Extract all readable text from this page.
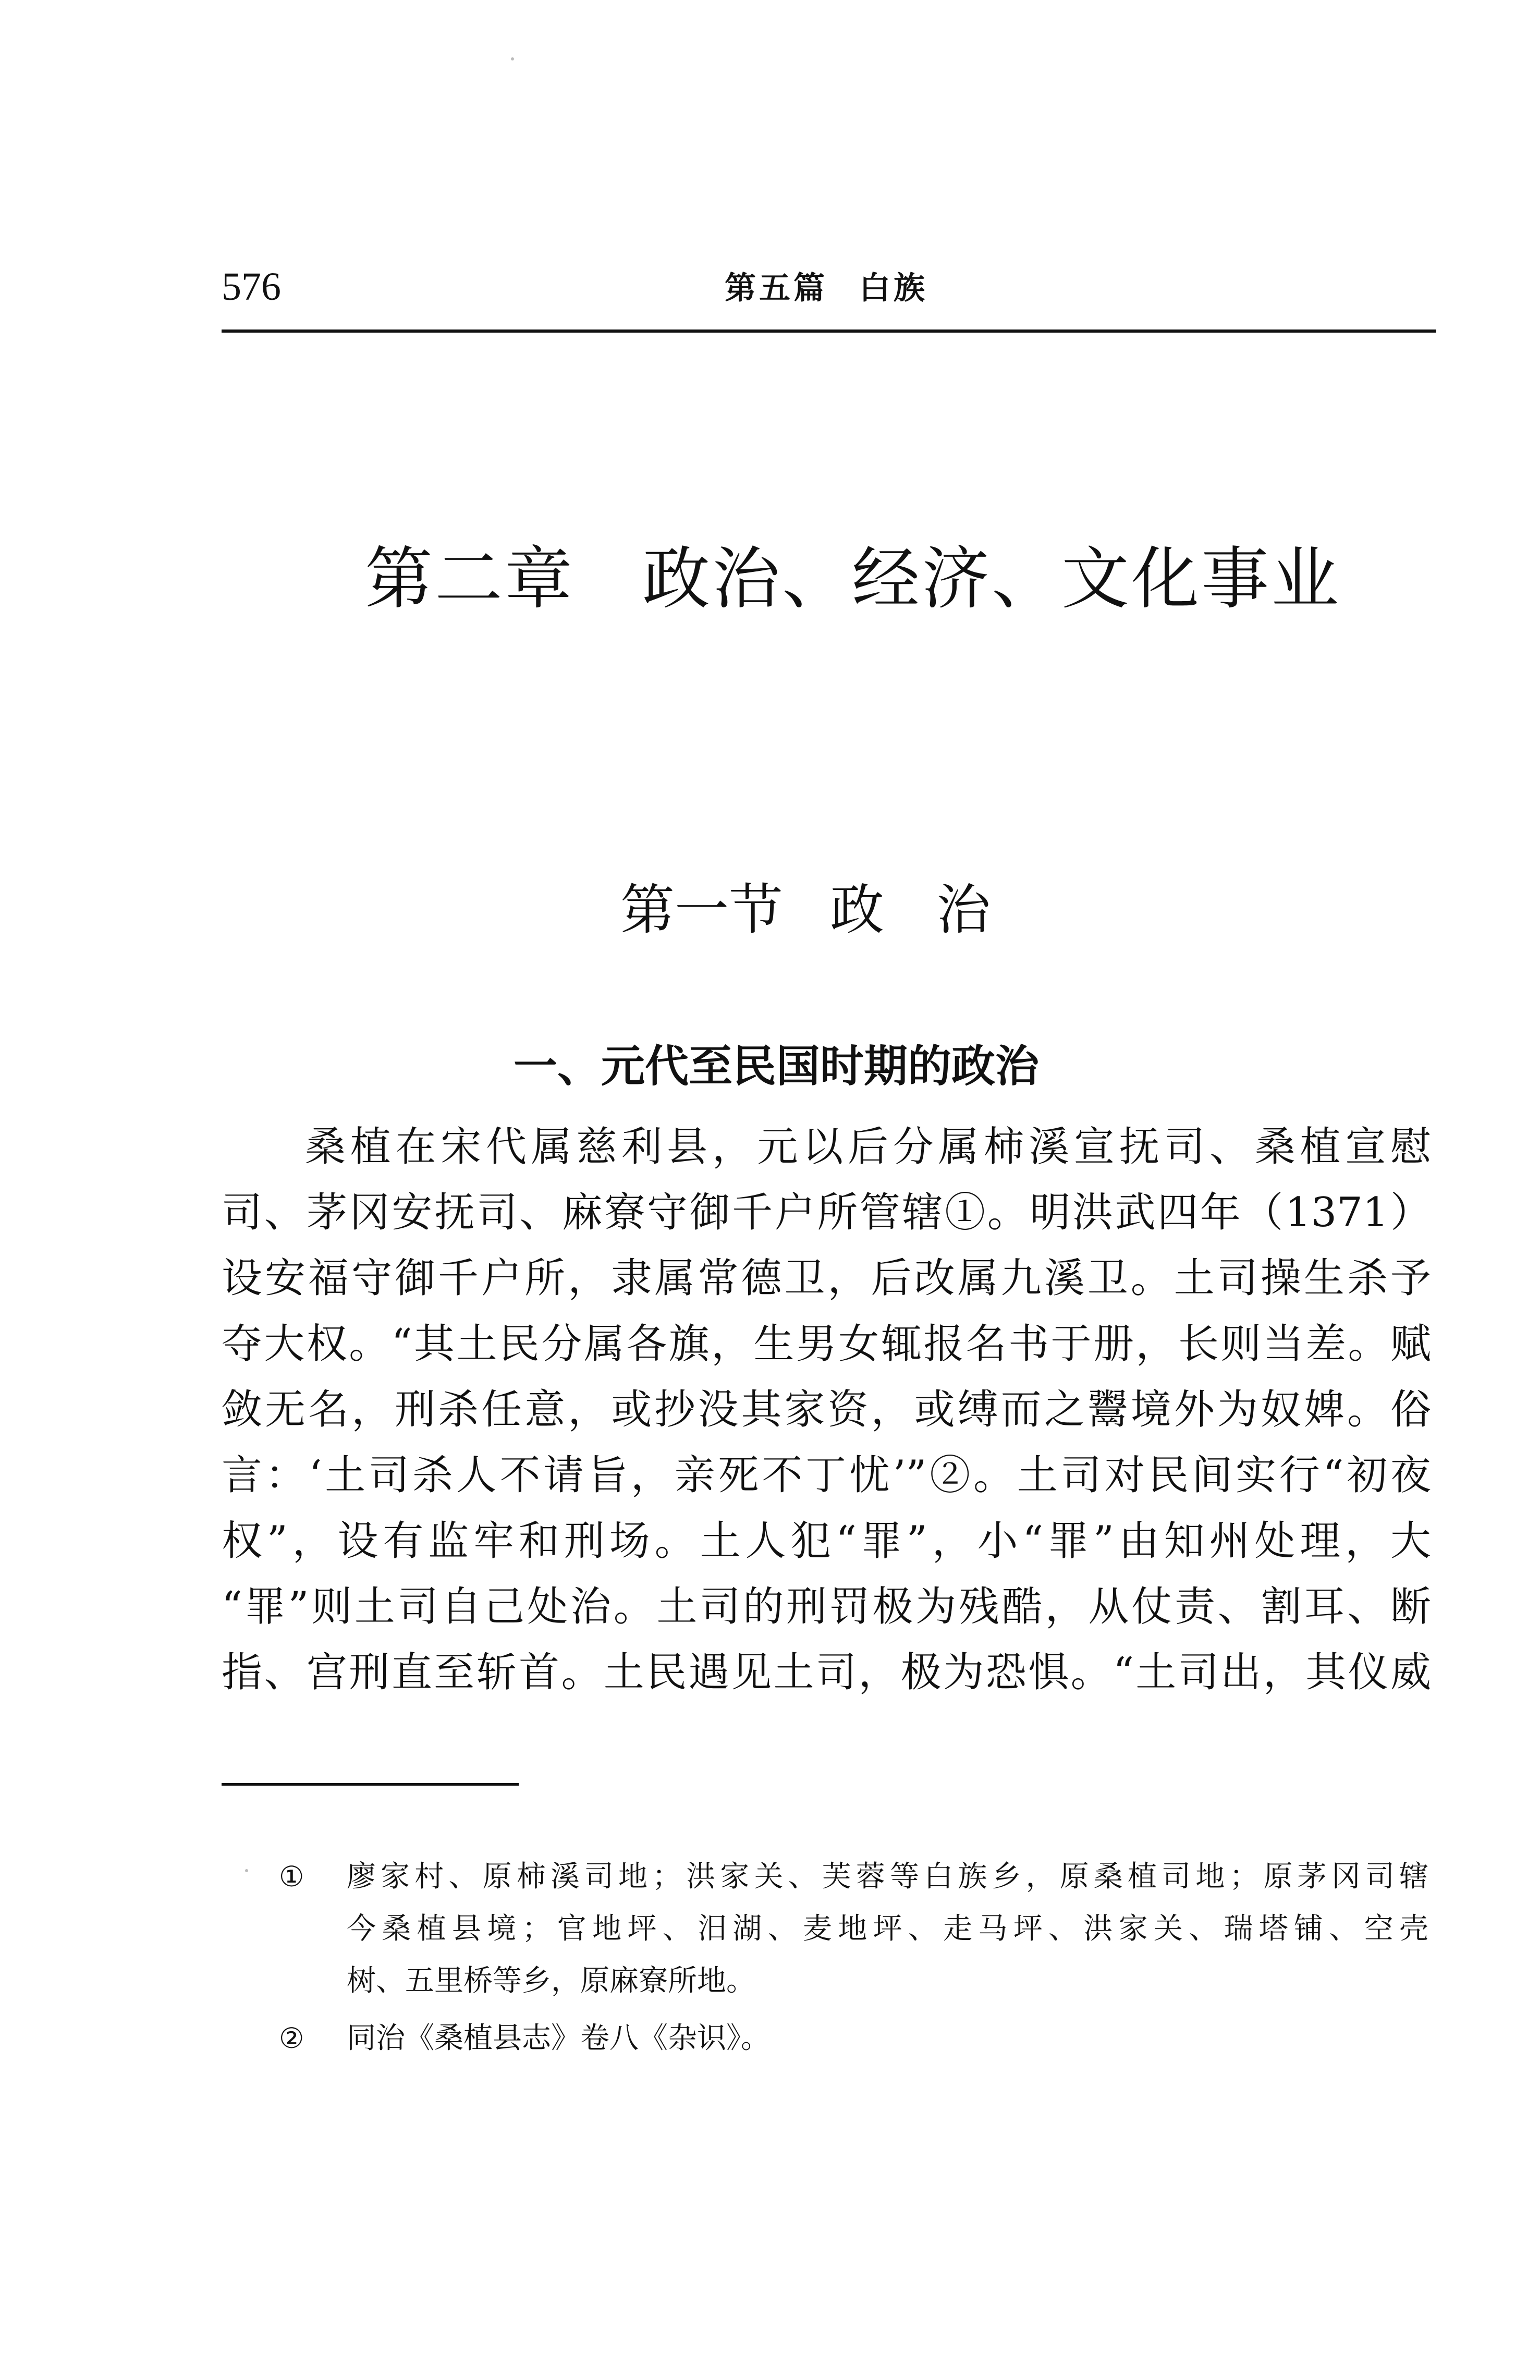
576	第五篇 白族
第二章 政治、经济、文化事业
第一节 政 治
一、元代至民国时期的政治
桑植在宋代属慈利县，元以后分属柿溪宣抚司、桑植宣慰
司、茅冈安抚司、麻寮守御千户所管辖①。明洪武四年（1371）
设安福守御千户所，隶属常德卫，后改属九溪卫。土司操生杀予
夺大权。“其土民分属各旗，生男女辄报名书于册，长则当差。赋
敛无名，刑杀任意，或抄没其家资，或缚而之鬻境外为奴婢。俗
言：‘土司杀人不请旨，亲死不丁忧’”②。土司对民间实行“初夜
权”，设有监牢和刑场。土人犯“罪”，小“罪”由知州处理，大
“罪”则土司自己处治。土司的刑罚极为残酷，从仗责、割耳、断
指、宫刑直至斩首。土民遇见土司，极为恐惧。“土司出，其仪威
① 廖家村、原柿溪司地；洪家关、芙蓉等白族乡，原桑植司地；原茅冈司辖
今桑植县境；官地坪、汨湖、麦地坪、走马坪、洪家关、瑞塔铺、空壳
树、五里桥等乡，原麻寮所地。
② 同治《桑植县志》卷八《杂识》。
